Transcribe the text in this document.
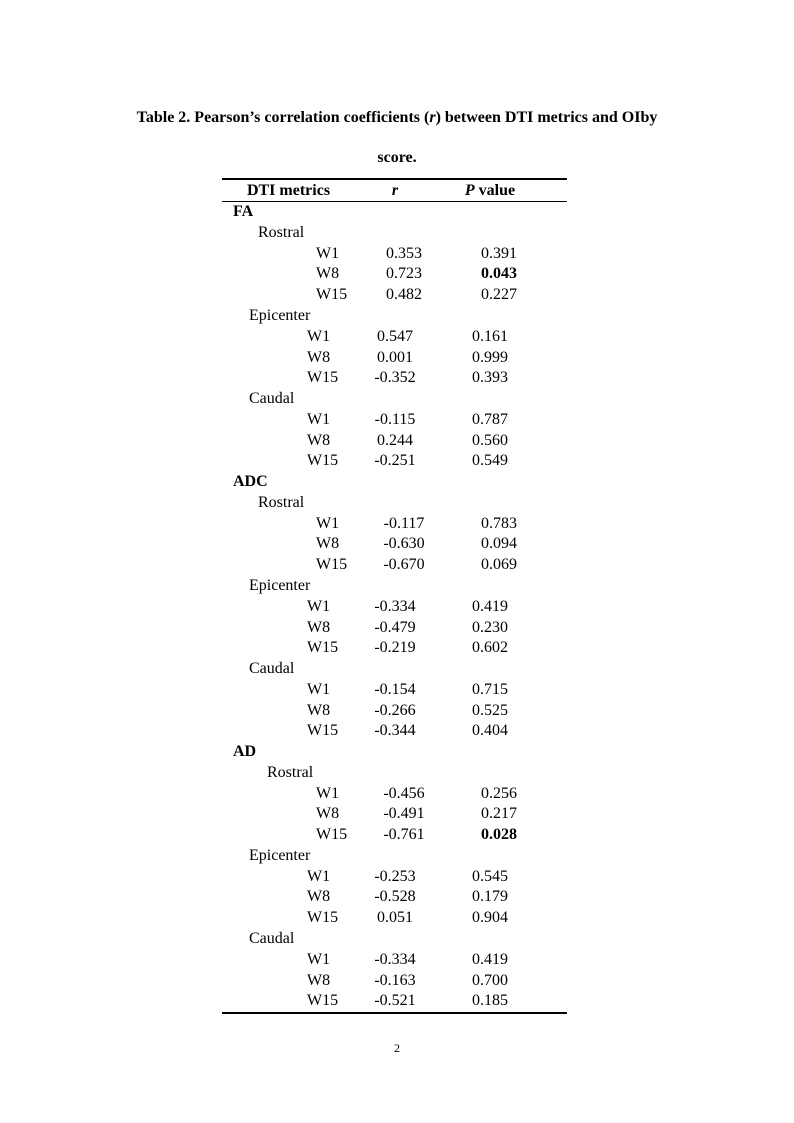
Table 2. Pearson’s correlation coefficients (r) between DTI metrics and OIby
score.
DTI metrics	r	P value
FA
Rostral
W1	0.353	0.391
W8	0.723	0.043
W15	0.482	0.227
Epicenter
W1	0.547	0.161
W8	0.001	0.999
W15	-0.352	0.393
Caudal
W1	-0.115	0.787
W8	0.244	0.560
W15	-0.251	0.549
ADC
Rostral
W1	-0.117	0.783
W8	-0.630	0.094
W15	-0.670	0.069
Epicenter
W1	-0.334	0.419
W8	-0.479	0.230
W15	-0.219	0.602
Caudal
W1	-0.154	0.715
W8	-0.266	0.525
W15	-0.344	0.404
AD
Rostral
W1	-0.456	0.256
W8	-0.491	0.217
W15	-0.761	0.028
Epicenter
W1	-0.253	0.545
W8	-0.528	0.179
W15	0.051	0.904
Caudal
W1	-0.334	0.419
W8	-0.163	0.700
W15	-0.521	0.185
2
